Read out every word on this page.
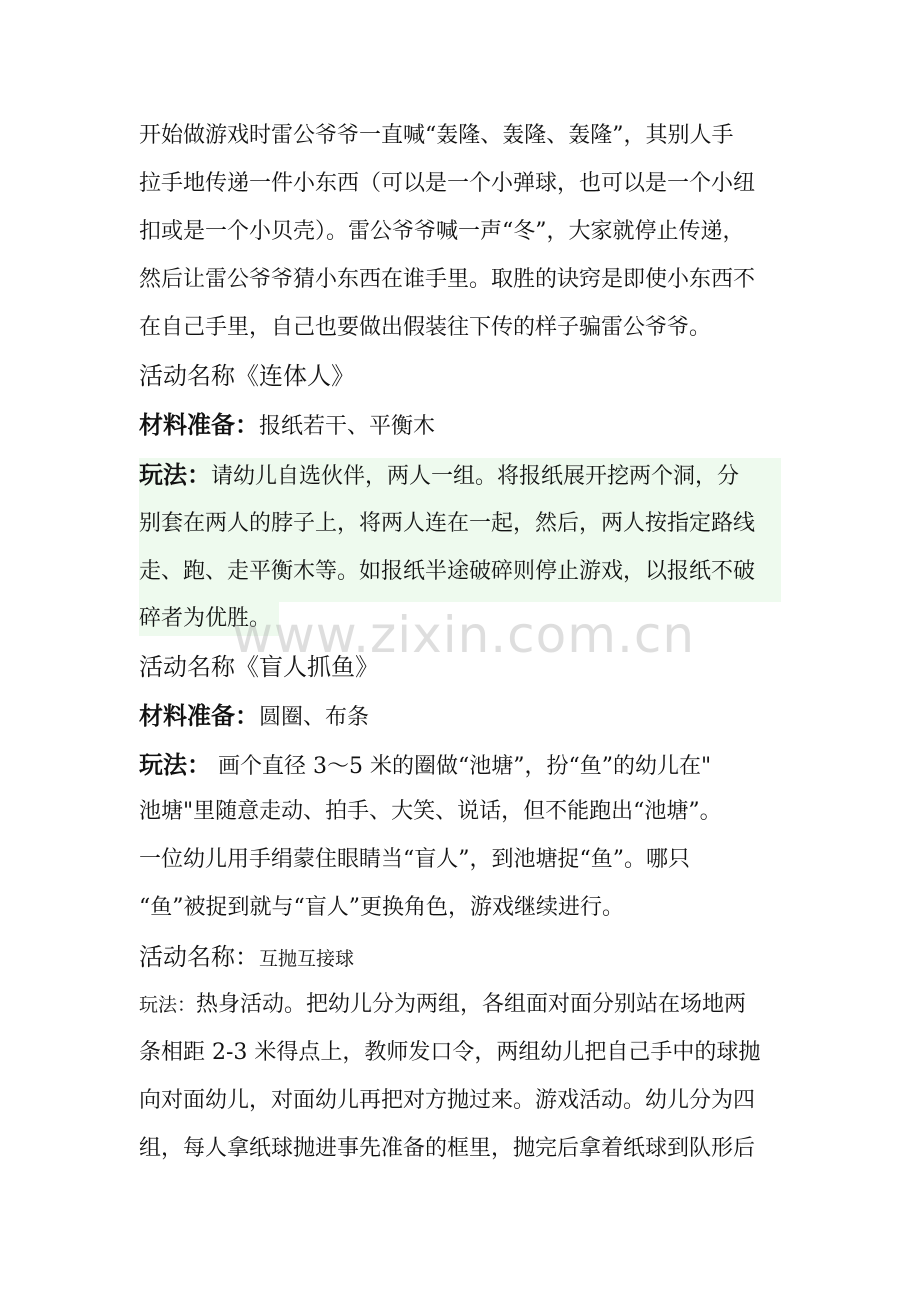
开始做游戏时雷公爷爷一直喊“轰隆、轰隆、轰隆”，其别人手
拉手地传递一件小东西（可以是一个小弹球，也可以是一个小纽
扣或是一个小贝壳）。雷公爷爷喊一声“冬”，大家就停止传递，
然后让雷公爷爷猜小东西在谁手里。取胜的诀窍是即使小东西不
在自己手里，自己也要做出假装往下传的样子骗雷公爷爷。
活动名称《连体人》
材料准备：报纸若干、平衡木
玩法：请幼儿自选伙伴，两人一组。将报纸展开挖两个洞，分
别套在两人的脖子上，将两人连在一起，然后，两人按指定路线
走、跑、走平衡木等。如报纸半途破碎则停止游戏，以报纸不破
碎者为优胜。
活动名称《盲人抓鱼》
材料准备：圆圈、布条
玩法： 画个直径 3～5 米的圈做“池塘”，扮“鱼”的幼儿在"
池塘"里随意走动、拍手、大笑、说话，但不能跑出“池塘”。
一位幼儿用手绢蒙住眼睛当“盲人”，到池塘捉“鱼”。哪只
“鱼”被捉到就与“盲人”更换角色，游戏继续进行。
活动名称：互抛互接球
玩法：热身活动。把幼儿分为两组，各组面对面分别站在场地两
条相距 2-3 米得点上，教师发口令，两组幼儿把自己手中的球抛
向对面幼儿，对面幼儿再把对方抛过来。游戏活动。幼儿分为四
组，每人拿纸球抛进事先准备的框里，抛完后拿着纸球到队形后
www.zixin.com.cn
